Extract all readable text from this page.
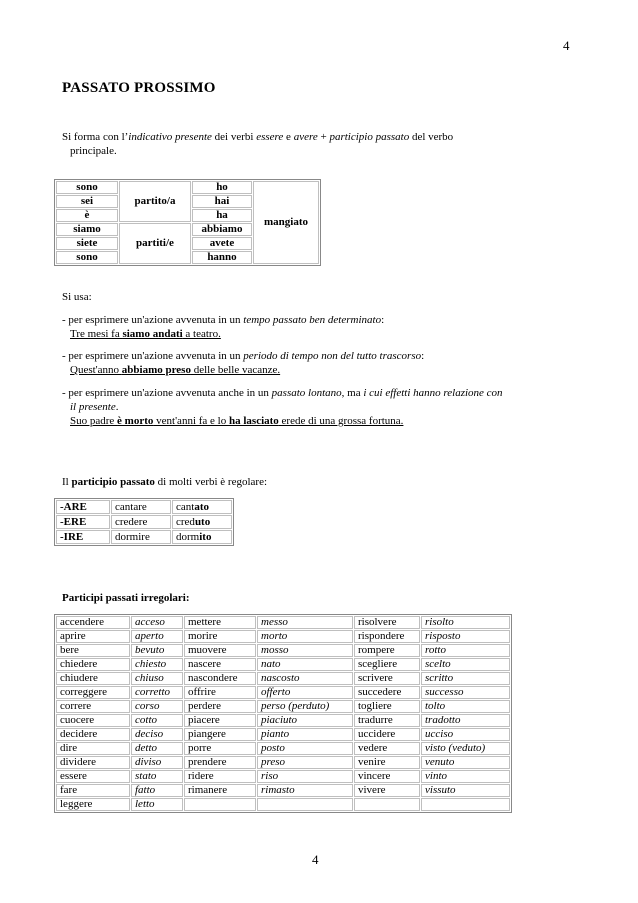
4
PASSATO PROSSIMO
Si forma con l’indicativo presente dei verbi essere e avere + participio passato del verbo
principale.
sono	partito/a	ho	mangiato
sei		hai	
è		ha	
siamo	partiti/e	abbiamo	
siete		avete	
sono		hanno	
Si usa:
- per esprimere un'azione avvenuta in un tempo passato ben determinato:
Tre mesi fa siamo andati a teatro.
- per esprimere un'azione avvenuta in un periodo di tempo non del tutto trascorso:
Quest'anno abbiamo preso delle belle vacanze.
- per esprimere un'azione avvenuta anche in un passato lontano, ma i cui effetti hanno relazione con
il presente.
Suo padre è morto vent'anni fa e lo ha lasciato erede di una grossa fortuna.
Il participio passato di molti verbi è regolare:
-ARE	cantare	cantato
-ERE	credere	creduto
-IRE	dormire	dormito
Participi passati irregolari:
accendere	acceso	mettere	messo	risolvere	risolto
aprire	aperto	morire	morto	rispondere	risposto
bere	bevuto	muovere	mosso	rompere	rotto
chiedere	chiesto	nascere	nato	scegliere	scelto
chiudere	chiuso	nascondere	nascosto	scrivere	scritto
correggere	corretto	offrire	offerto	succedere	successo
correre	corso	perdere	perso (perduto)	togliere	tolto
cuocere	cotto	piacere	piaciuto	tradurre	tradotto
decidere	deciso	piangere	pianto	uccidere	ucciso
dire	detto	porre	posto	vedere	visto (veduto)
dividere	diviso	prendere	preso	venire	venuto
essere	stato	ridere	riso	vincere	vinto
fare	fatto	rimanere	rimasto	vivere	vissuto
leggere	letto				
4
